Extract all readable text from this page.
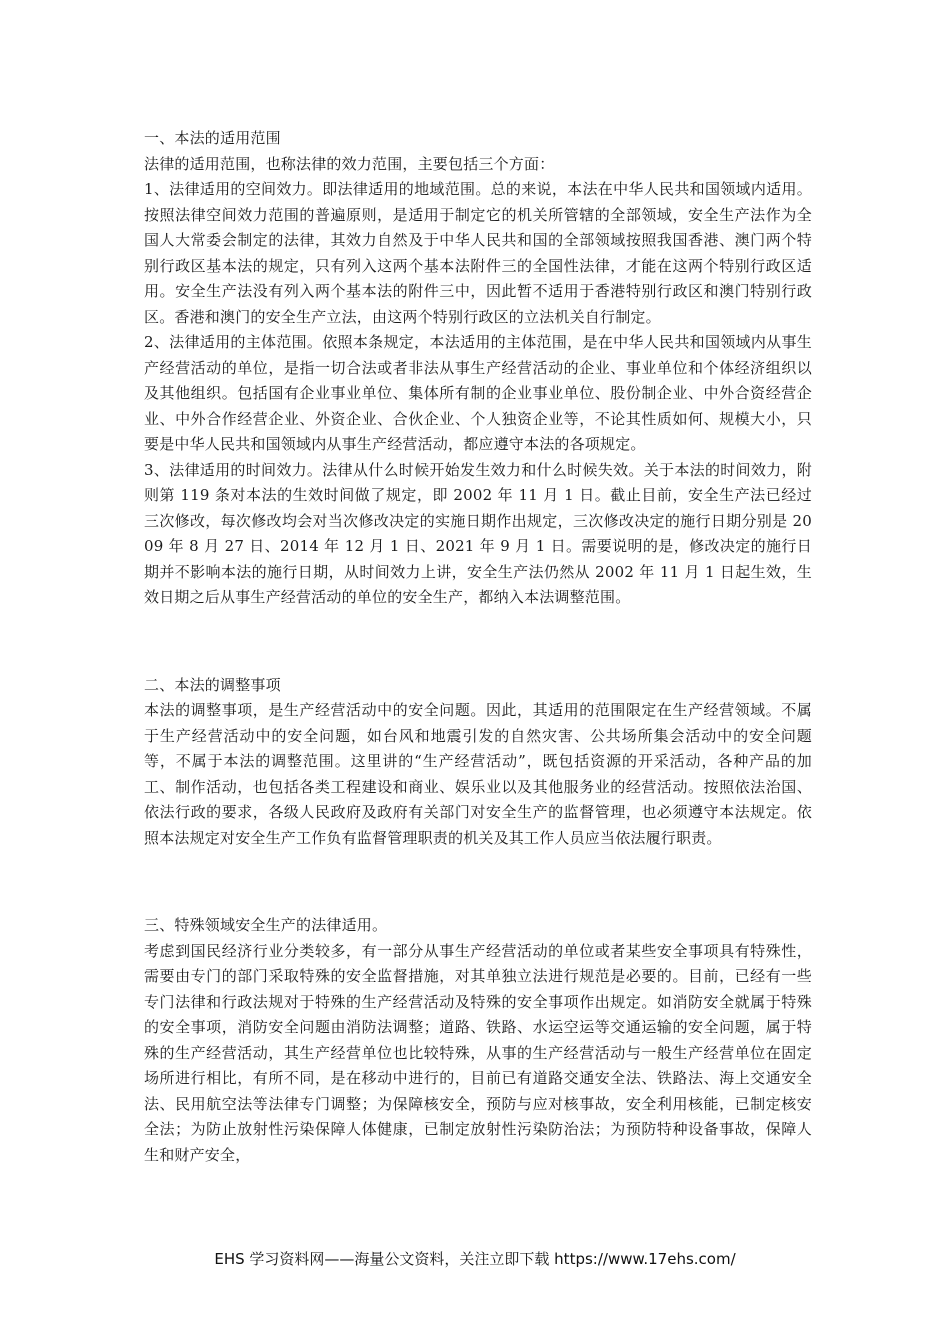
一、本法的适用范围

法律的适用范围，也称法律的效力范围，主要包括三个方面：

1、法律适用的空间效力。即法律适用的地域范围。总的来说，本法在中华人民共和国领域内适用。按照法律空间效力范围的普遍原则，是适用于制定它的机关所管辖的全部领域，安全生产法作为全国人大常委会制定的法律，其效力自然及于中华人民共和国的全部领域按照我国香港、澳门两个特别行政区基本法的规定，只有列入这两个基本法附件三的全国性法律，才能在这两个特别行政区适用。安全生产法没有列入两个基本法的附件三中，因此暂不适用于香港特别行政区和澳门特别行政区。香港和澳门的安全生产立法，由这两个特别行政区的立法机关自行制定。

2、法律适用的主体范围。依照本条规定，本法适用的主体范围，是在中华人民共和国领域内从事生产经营活动的单位，是指一切合法或者非法从事生产经营活动的企业、事业单位和个体经济组织以及其他组织。包括国有企业事业单位、集体所有制的企业事业单位、股份制企业、中外合资经营企业、中外合作经营企业、外资企业、合伙企业、个人独资企业等，不论其性质如何、规模大小，只要是中华人民共和国领域内从事生产经营活动，都应遵守本法的各项规定。

3、法律适用的时间效力。法律从什么时候开始发生效力和什么时候失效。关于本法的时间效力，附则第 119 条对本法的生效时间做了规定，即 2002 年 11 月 1 日。截止目前，安全生产法已经过三次修改，每次修改均会对当次修改决定的实施日期作出规定，三次修改决定的施行日期分别是 2009 年 8 月 27 日、2014 年 12 月 1 日、2021 年 9 月 1 日。需要说明的是，修改决定的施行日期并不影响本法的施行日期，从时间效力上讲，安全生产法仍然从 2002 年 11 月 1 日起生效，生效日期之后从事生产经营活动的单位的安全生产，都纳入本法调整范围。

二、本法的调整事项

本法的调整事项，是生产经营活动中的安全问题。因此，其适用的范围限定在生产经营领域。不属于生产经营活动中的安全问题，如台风和地震引发的自然灾害、公共场所集会活动中的安全问题等，不属于本法的调整范围。这里讲的“生产经营活动”，既包括资源的开采活动，各种产品的加工、制作活动，也包括各类工程建设和商业、娱乐业以及其他服务业的经营活动。按照依法治国、依法行政的要求，各级人民政府及政府有关部门对安全生产的监督管理，也必须遵守本法规定。依照本法规定对安全生产工作负有监督管理职责的机关及其工作人员应当依法履行职责。

三、特殊领域安全生产的法律适用。

考虑到国民经济行业分类较多，有一部分从事生产经营活动的单位或者某些安全事项具有特殊性，需要由专门的部门采取特殊的安全监督措施，对其单独立法进行规范是必要的。目前，已经有一些专门法律和行政法规对于特殊的生产经营活动及特殊的安全事项作出规定。如消防安全就属于特殊的安全事项，消防安全问题由消防法调整；道路、铁路、水运空运等交通运输的安全问题，属于特殊的生产经营活动，其生产经营单位也比较特殊，从事的生产经营活动与一般生产经营单位在固定场所进行相比，有所不同，是在移动中进行的，目前已有道路交通安全法、铁路法、海上交通安全法、民用航空法等法律专门调整；为保障核安全，预防与应对核事故，安全利用核能，已制定核安全法；为防止放射性污染保障人体健康，已制定放射性污染防治法；为预防特种设备事故，保障人生和财产安全，

EHS 学习资料网——海量公文资料，关注立即下载 https://www.17ehs.com/
